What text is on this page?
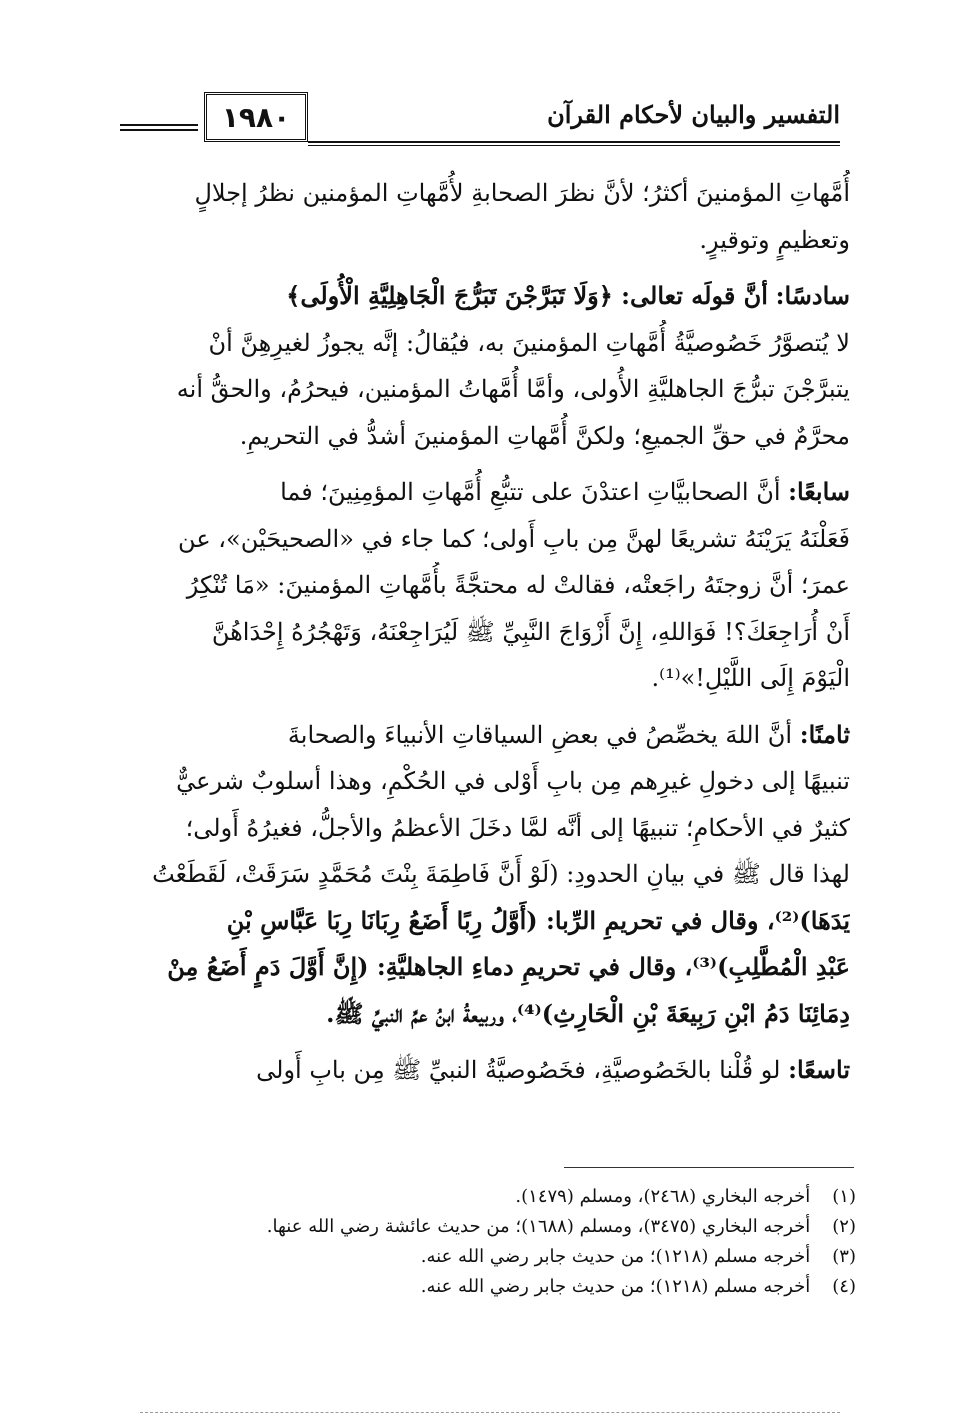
التفسير والبيان لأحكام القرآن
١٩٨٠

أُمَّهاتِ المؤمنينَ أكثرُ؛ لأنَّ نظرَ الصحابةِ لأُمَّهاتِ المؤمنين نظرُ إجلالٍ
وتعظيمٍ وتوقيرٍ.

سادسًا: أنَّ قولَه تعالى: ﴿وَلَا تَبَرَّجْنَ تَبَرُّجَ الْجَاهِلِيَّةِ الْأُولَى﴾
لا يُتصوَّرُ خَصُوصيَّةُ أُمَّهاتِ المؤمنينَ به، فيُقالُ: إنَّه يجوزُ لغيرِهِنَّ أنْ
يتبرَّجْنَ تبرُّجَ الجاهليَّةِ الأُولى، وأمَّا أُمَّهاتُ المؤمنين، فيحرُمُ، والحقُّ أنه
محرَّمٌ في حقِّ الجميعِ؛ ولكنَّ أُمَّهاتِ المؤمنينَ أشدُّ في التحريمِ.

سابعًا: أنَّ الصحابيَّاتِ اعتدْنَ على تتبُّعِ أُمَّهاتِ المؤمِنِينَ؛ فما
فَعَلْنَهُ يَرَيْنَهُ تشريعًا لهنَّ مِن بابِ أَولى؛ كما جاء في «الصحيحَيْن»، عن
عمرَ؛ أنَّ زوجتَهُ راجَعتْه، فقالتْ له محتجَّةً بأُمَّهاتِ المؤمنينَ: «مَا تُنْكِرُ
أَنْ أُرَاجِعَكَ؟! فَوَاللهِ، إِنَّ أَزْوَاجَ النَّبِيِّ ﷺ لَيُرَاجِعْنَهُ، وَتَهْجُرُهُ إِحْدَاهُنَّ
الْيَوْمَ إِلَى اللَّيْلِ!»⁽¹⁾.

ثامنًا: أنَّ اللهَ يخصِّصُ في بعضِ السياقاتِ الأنبياءَ والصحابةَ
تنبيهًا إلى دخولِ غيرِهم مِن بابِ أَوْلى في الحُكْمِ، وهذا أسلوبٌ شرعيٌّ
كثيرٌ في الأحكامِ؛ تنبيهًا إلى أنَّه لمَّا دخَلَ الأعظمُ والأجلُّ، فغيرُهُ أَولى؛
لهذا قال ﷺ في بيانِ الحدودِ: (لَوْ أَنَّ فَاطِمَةَ بِنْتَ مُحَمَّدٍ سَرَقَتْ، لَقَطَعْتُ
يَدَهَا)⁽²⁾، وقال في تحريمِ الرِّبا: (أَوَّلُ رِبًا أَضَعُ رِبَانَا رِبَا عَبَّاسِ بْنِ
عَبْدِ الْمُطَّلِبِ)⁽³⁾، وقال في تحريمِ دماءِ الجاهليَّةِ: (إِنَّ أَوَّلَ دَمٍ أَضَعُ مِنْ
دِمَائِنَا دَمُ ابْنِ رَبِيعَةَ بْنِ الْحَارِثِ)⁽⁴⁾، وربيعةُ ابنُ عمِّ النبيِّ ﷺ.

تاسعًا: لو قُلْنا بالخَصُوصيَّةِ، فخَصُوصيَّةُ النبيِّ ﷺ مِن بابِ أَولى

(١) أخرجه البخاري (٢٤٦٨)، ومسلم (١٤٧٩).
(٢) أخرجه البخاري (٣٤٧٥)، ومسلم (١٦٨٨)؛ من حديث عائشة رضي الله عنها.
(٣) أخرجه مسلم (١٢١٨)؛ من حديث جابر رضي الله عنه.
(٤) أخرجه مسلم (١٢١٨)؛ من حديث جابر رضي الله عنه.
